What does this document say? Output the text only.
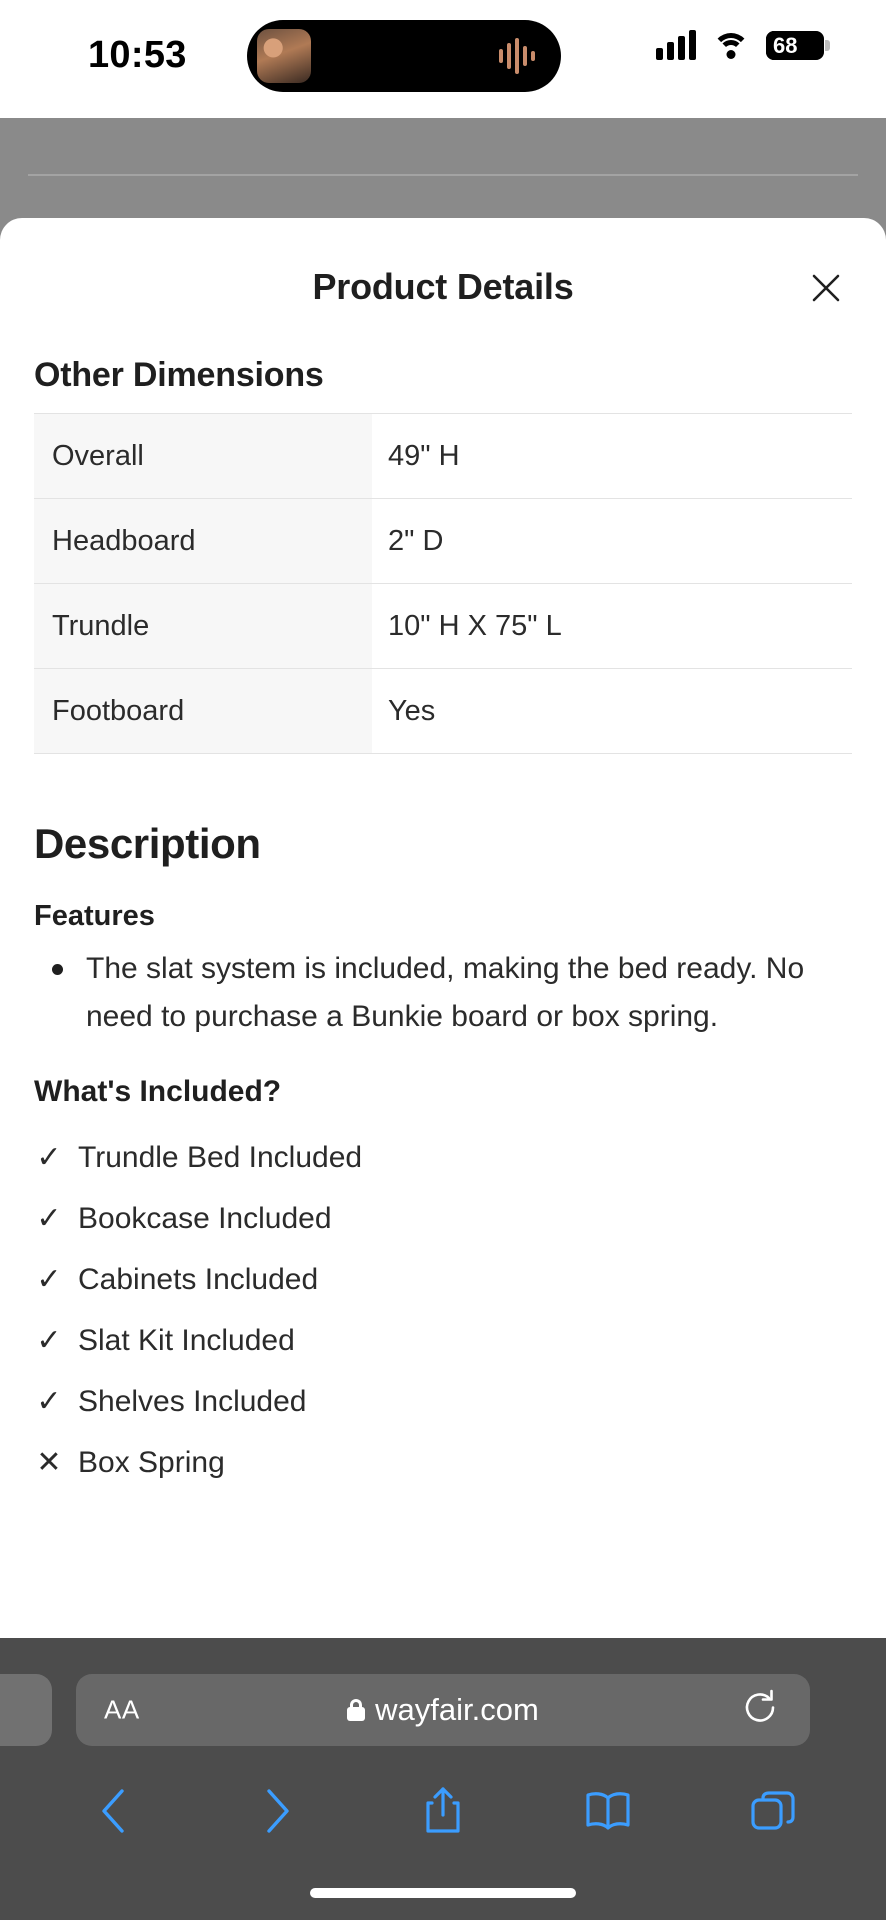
10:53	68
Product Details
Other Dimensions
Overall	49" H
Headboard	2" D
Trundle	10" H X 75" L
Footboard	Yes
Description
Features
The slat system is included, making the bed ready. No need to purchase a Bunkie board or box spring.
What's Included?
✓ Trundle Bed Included
✓ Bookcase Included
✓ Cabinets Included
✓ Slat Kit Included
✓ Shelves Included
✕ Box Spring
AA	wayfair.com
